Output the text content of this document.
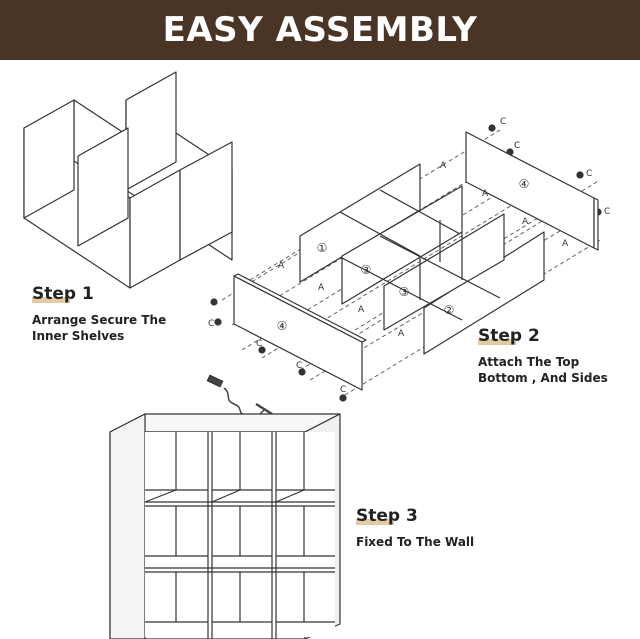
EASY ASSEMBLY
①
②
③
③
④
④
A
A
A
A
A
A
A
A
C
C
C
C
C
C
C
C
Step 1
Arrange Secure The
Inner Shelves	Step 2
Attach The Top
Bottom , And Sides
Step 3
Fixed To The Wall
